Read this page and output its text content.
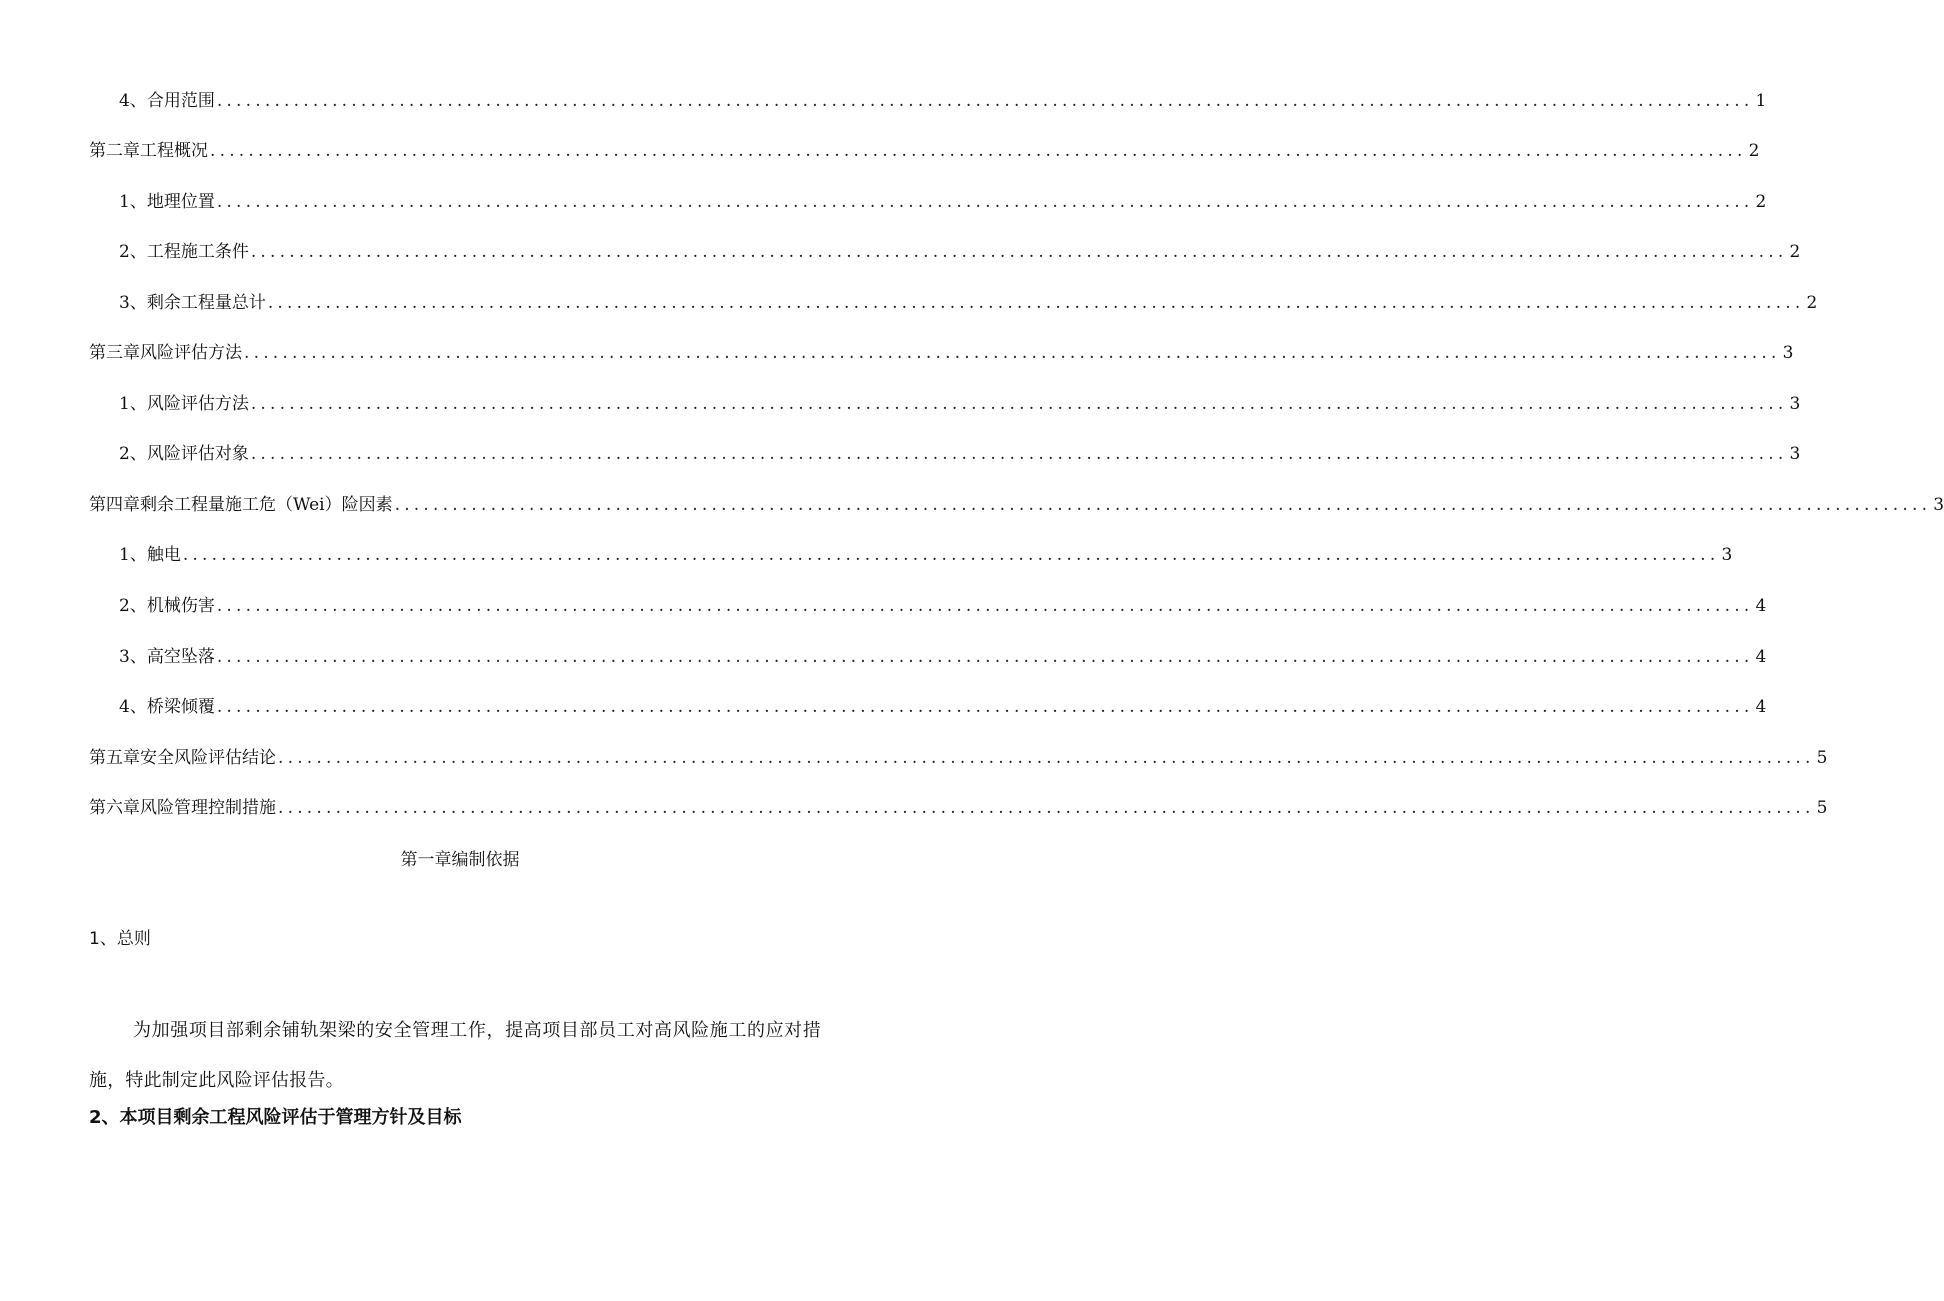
4、合用范围 ................................................................................................................................................................ 1
第二章工程概况 ................................................................................................................................................................ 2
1、地理位置 ................................................................................................................................................................ 2
2、工程施工条件 ................................................................................................................................................................ 2
3、剩余工程量总计 ................................................................................................................................................................ 2
第三章风险评估方法 ................................................................................................................................................................ 3
1、风险评估方法 ................................................................................................................................................................ 3
2、风险评估对象 ................................................................................................................................................................ 3
第四章剩余工程量施工危（Wei）险因素 ................................................................................................................................................................ 3
1、触电 ................................................................................................................................................................ 3
2、机械伤害 ................................................................................................................................................................ 4
3、高空坠落 ................................................................................................................................................................ 4
4、桥梁倾覆 ................................................................................................................................................................ 4
第五章安全风险评估结论 ................................................................................................................................................................ 5
第六章风险管理控制措施 ................................................................................................................................................................ 5
第一章编制依据
1、总则

为加强项目部剩余铺轨架梁的安全管理工作，提高项目部员工对高风险施工的应对措施，特此制定此风险评估报告。

2、本项目剩余工程风险评估于管理方针及目标
